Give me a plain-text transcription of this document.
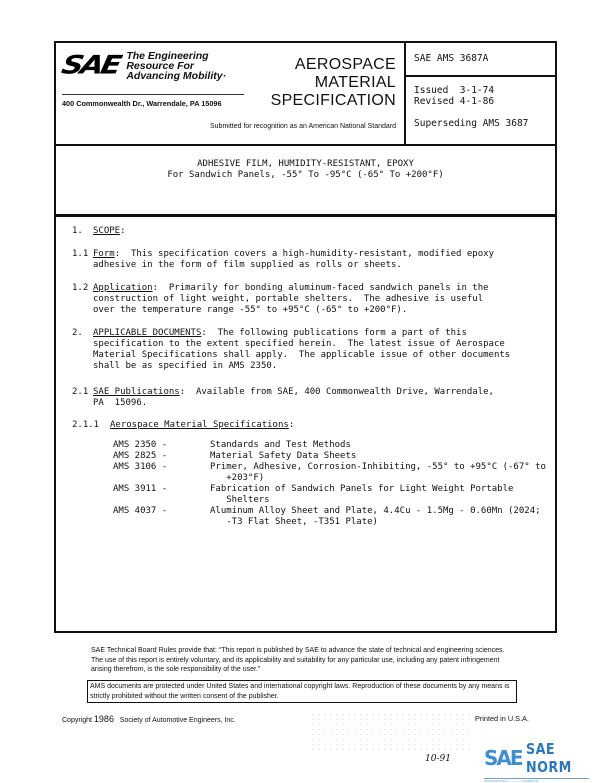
SAE The Engineering
Resource For
Advancing Mobility·
400 Commonwealth Dr., Warrendale, PA 15096
AEROSPACE
MATERIAL
SPECIFICATION
Submitted for recognition as an American National Standard
SAE AMS 3687A
Issued  3-1-74
Revised 4-1-86
Superseding AMS 3687
ADHESIVE FILM, HUMIDITY-RESISTANT, EPOXY
For Sandwich Panels, -55° To -95°C (-65° To +200°F)
1. SCOPE:
1.1 Form:  This specification covers a high-humidity-resistant, modified epoxy
adhesive in the form of film supplied as rolls or sheets.
1.2 Application:  Primarily for bonding aluminum-faced sandwich panels in the
construction of light weight, portable shelters.  The adhesive is useful
over the temperature range -55° to +95°C (-65° to +200°F).
2. APPLICABLE DOCUMENTS:  The following publications form a part of this
specification to the extent specified herein.  The latest issue of Aerospace
Material Specifications shall apply.  The applicable issue of other documents
shall be as specified in AMS 2350.
2.1 SAE Publications:  Available from SAE, 400 Commonwealth Drive, Warrendale,
PA  15096.
2.1.1 Aerospace Material Specifications:
AMS 2350 -	Standards and Test Methods
AMS 2825 -	Material Safety Data Sheets
AMS 3106 -	Primer, Adhesive, Corrosion-Inhibiting, -55° to +95°C (-67° to
+203°F)
AMS 3911 -	Fabrication of Sandwich Panels for Light Weight Portable
Shelters
AMS 4037 -	Aluminum Alloy Sheet and Plate, 4.4Cu - 1.5Mg - 0.60Mn (2024;
-T3 Flat Sheet, -T351 Plate)
SAE Technical Board Rules provide that: “This report is published by SAE to advance the state of technical and engineering sciences. The use of this report is entirely voluntary, and its applicability and suitability for any particular use, including any patent infringement arising therefrom, is the sole responsibility of the user.”
AMS documents are protected under United States and international copyright laws. Reproduction of these documents by any means is strictly prohibited without the written consent of the publisher.
Copyright 1986 Society of Automotive Engineers, Inc.	Printed in U.S.A.
10-91 SAE SAE NORM
INTERNATIONAL ———— CURRENCE
